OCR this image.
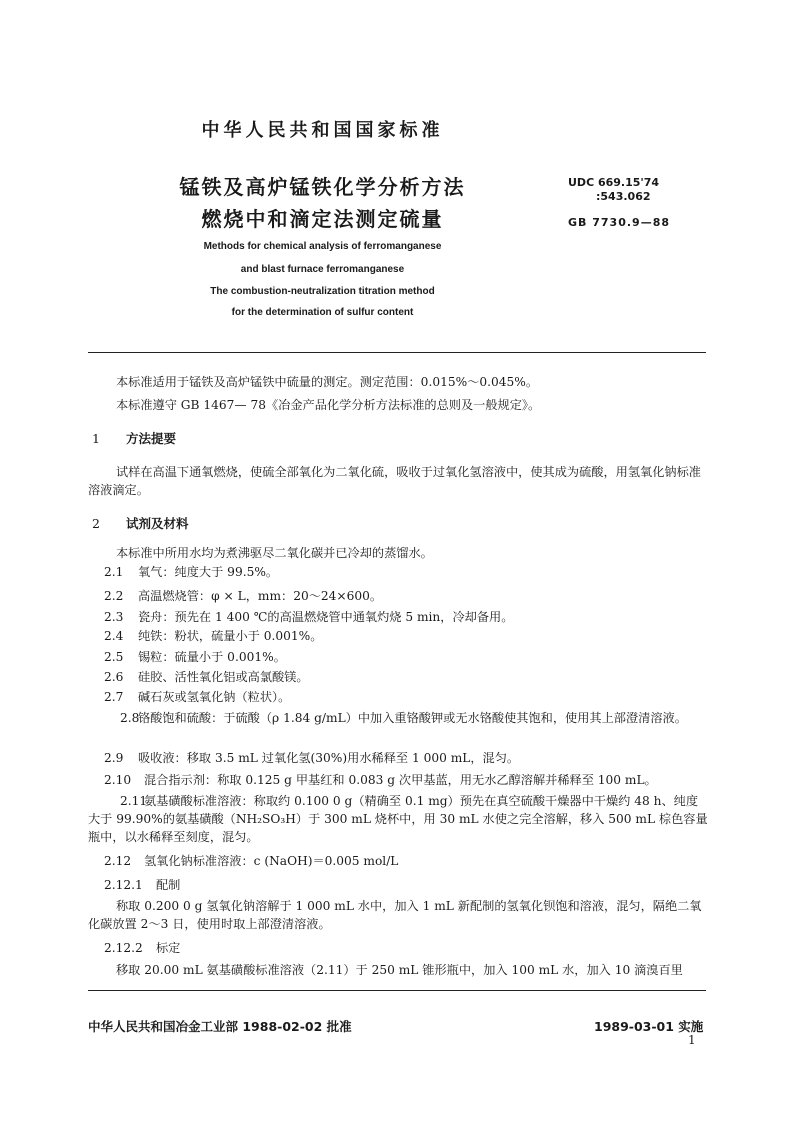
中华人民共和国国家标准
锰铁及高炉锰铁化学分析方法
燃烧中和滴定法测定硫量
UDC 669.15'74
:543.062
GB 7730.9—88
Methods for chemical analysis of ferromanganese
and blast furnace ferromanganese
The combustion-neutralization titration method
for the determination of sulfur content
本标准适用于锰铁及高炉锰铁中硫量的测定。测定范围：0.015%～0.045%。
本标准遵守 GB 1467— 78《冶金产品化学分析方法标准的总则及一般规定》。
1 方法提要
试样在高温下通氧燃烧，使硫全部氧化为二氧化硫，吸收于过氧化氢溶液中，使其成为硫酸，用氢氧化钠标准溶液滴定。
2 试剂及材料
本标准中所用水均为煮沸驱尽二氧化碳并已冷却的蒸馏水。
2.1 氧气：纯度大于 99.5%。
2.2 高温燃烧管：φ × L，mm：20～24×600。
2.3 瓷舟：预先在 1 400 ℃的高温燃烧管中通氧灼烧 5 min，冷却备用。
2.4 纯铁：粉状，硫量小于 0.001%。
2.5 锡粒：硫量小于 0.001%。
2.6 硅胶、活性氧化铝或高氯酸镁。
2.7 碱石灰或氢氧化钠（粒状）。
2.8铬酸饱和硫酸：于硫酸（ρ 1.84 g/mL）中加入重铬酸钾或无水铬酸使其饱和，使用其上部澄清溶液。
2.9 吸收液：移取 3.5 mL 过氧化氢(30%)用水稀释至 1 000 mL，混匀。
2.10 混合指示剂：称取 0.125 g 甲基红和 0.083 g 次甲基蓝，用无水乙醇溶解并稀释至 100 mL。
2.11氨基磺酸标准溶液：称取约 0.100 0 g（精确至 0.1 mg）预先在真空硫酸干燥器中干燥约 48 h、纯度大于 99.90%的氨基磺酸（NH₂SO₃H）于 300 mL 烧杯中，用 30 mL 水使之完全溶解，移入 500 mL 棕色容量瓶中，以水稀释至刻度，混匀。
2.12 氢氧化钠标准溶液：c (NaOH)＝0.005 mol/L
2.12.1 配制
称取 0.200 0 g 氢氧化钠溶解于 1 000 mL 水中，加入 1 mL 新配制的氢氧化钡饱和溶液，混匀，隔绝二氧化碳放置 2～3 日，使用时取上部澄清溶液。
2.12.2 标定
移取 20.00 mL 氨基磺酸标准溶液（2.11）于 250 mL 锥形瓶中，加入 100 mL 水，加入 10 滴溴百里
中华人民共和国冶金工业部 1988-02-02 批准	1989-03-01 实施
1
